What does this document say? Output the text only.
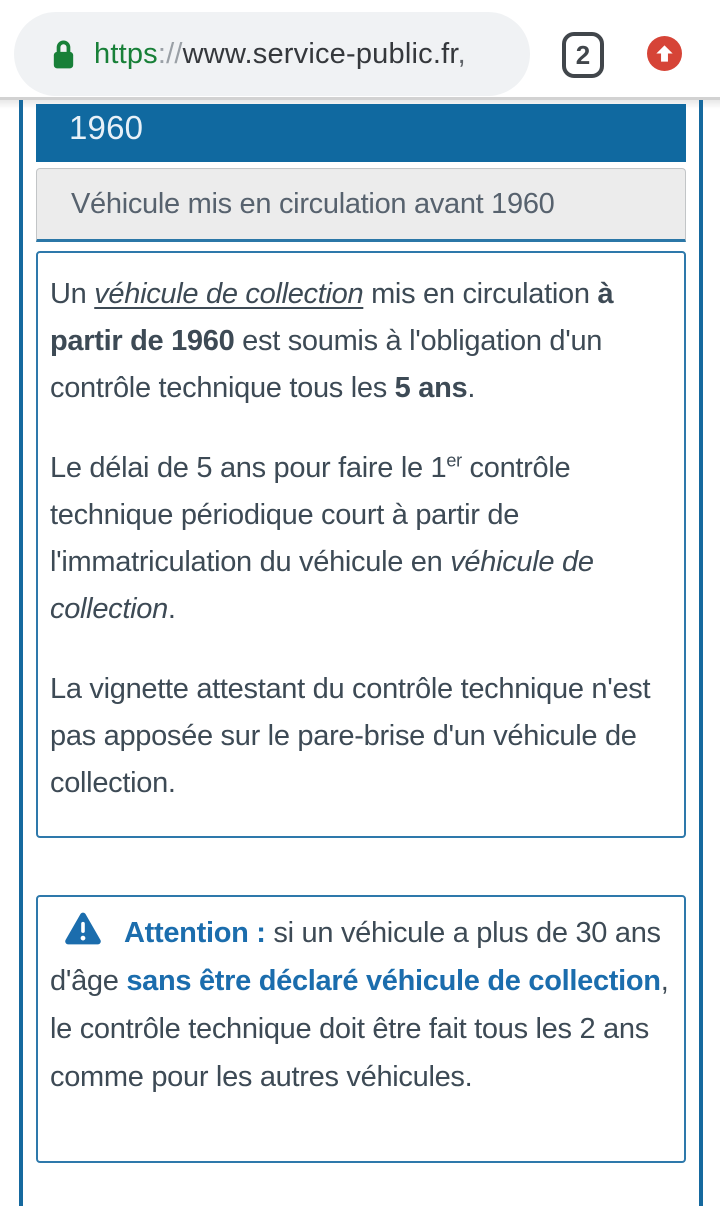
https://www.service-public.fr,	2
1960
Véhicule mis en circulation avant 1960

Un véhicule de collection mis en circulation à partir de 1960 est soumis à l'obligation d'un contrôle technique tous les 5 ans.

Le délai de 5 ans pour faire le 1er contrôle technique périodique court à partir de l'immatriculation du véhicule en véhicule de collection.

La vignette attestant du contrôle technique n'est pas apposée sur le pare-brise d'un véhicule de collection.

Attention : si un véhicule a plus de 30 ans d'âge sans être déclaré véhicule de collection, le contrôle technique doit être fait tous les 2 ans comme pour les autres véhicules.
